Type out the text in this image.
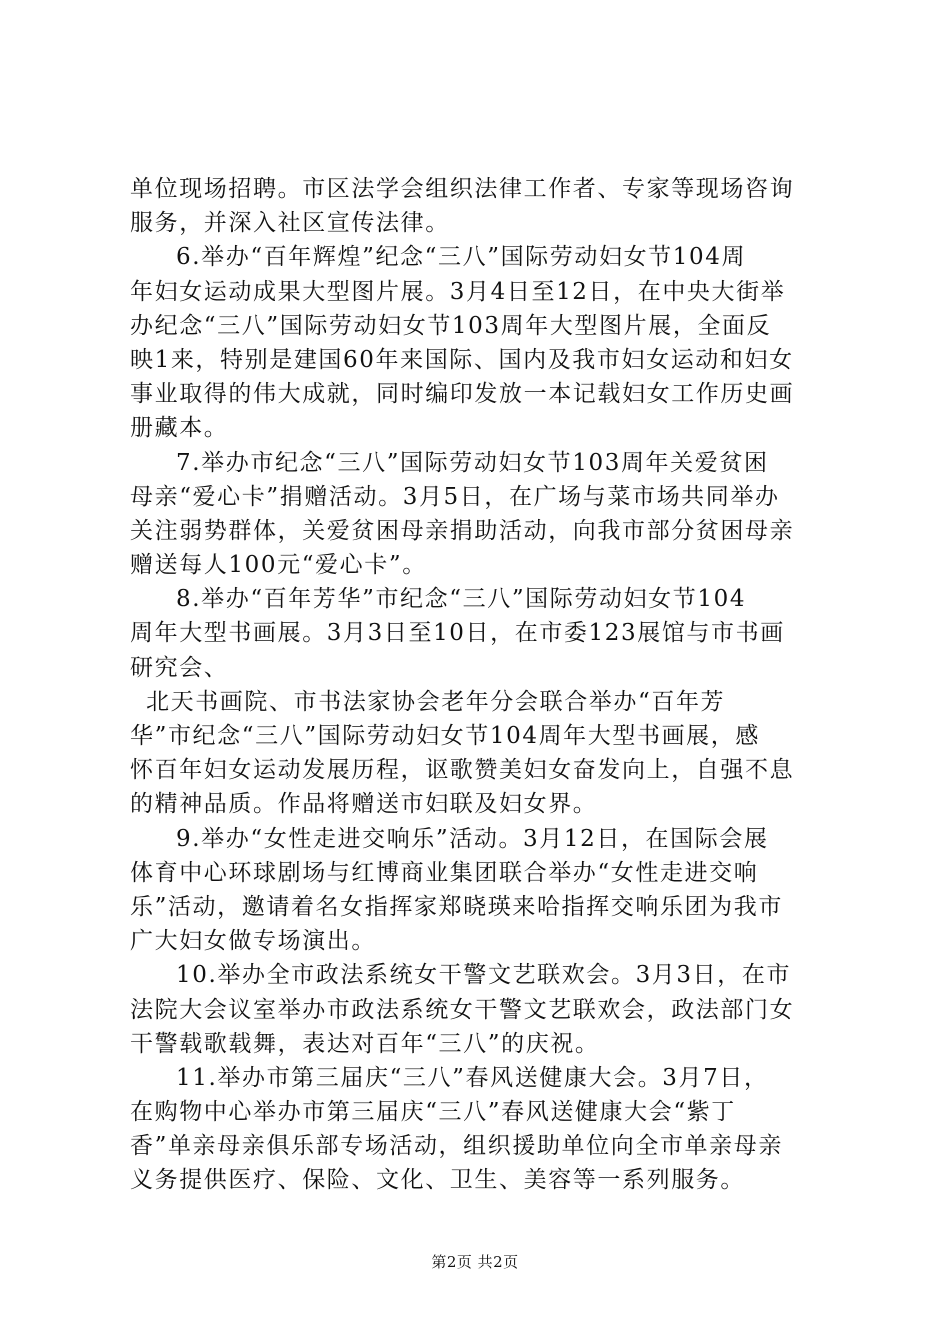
单位现场招聘。市区法学会组织法律工作者、专家等现场咨询
服务，并深入社区宣传法律。
6.举办“百年辉煌”纪念“三八”国际劳动妇女节104周
年妇女运动成果大型图片展。3月4日至12日，在中央大街举
办纪念“三八”国际劳动妇女节103周年大型图片展，全面反
映1来，特别是建国60年来国际、国内及我市妇女运动和妇女
事业取得的伟大成就，同时编印发放一本记载妇女工作历史画
册藏本。
7.举办市纪念“三八”国际劳动妇女节103周年关爱贫困
母亲“爱心卡”捐赠活动。3月5日，在广场与菜市场共同举办
关注弱势群体，关爱贫困母亲捐助活动，向我市部分贫困母亲
赠送每人100元“爱心卡”。
8.举办“百年芳华”市纪念“三八”国际劳动妇女节104
周年大型书画展。3月3日至10日，在市委123展馆与市书画
研究会、
北天书画院、市书法家协会老年分会联合举办“百年芳
华”市纪念“三八”国际劳动妇女节104周年大型书画展，感
怀百年妇女运动发展历程，讴歌赞美妇女奋发向上，自强不息
的精神品质。作品将赠送市妇联及妇女界。
9.举办“女性走进交响乐”活动。3月12日，在国际会展
体育中心环球剧场与红博商业集团联合举办“女性走进交响
乐”活动，邀请着名女指挥家郑晓瑛来哈指挥交响乐团为我市
广大妇女做专场演出。
10.举办全市政法系统女干警文艺联欢会。3月3日，在市
法院大会议室举办市政法系统女干警文艺联欢会，政法部门女
干警载歌载舞，表达对百年“三八”的庆祝。
11.举办市第三届庆“三八”春风送健康大会。3月7日，
在购物中心举办市第三届庆“三八”春风送健康大会“紫丁
香”单亲母亲俱乐部专场活动，组织援助单位向全市单亲母亲
义务提供医疗、保险、文化、卫生、美容等一系列服务。
第2页 共2页
